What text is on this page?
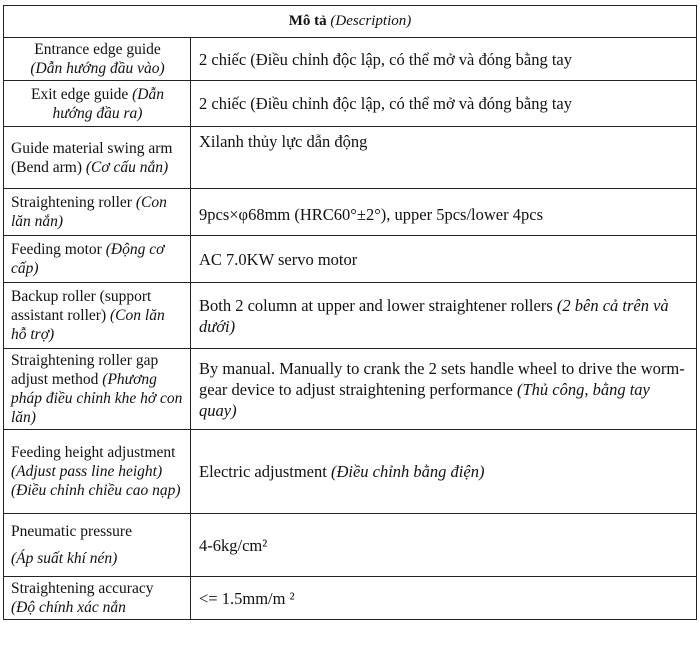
Mô tả (Description)	
Entrance edge guide
(Dẫn hướng đầu vào)	2 chiếc (Điều chỉnh độc lập, có thể mở và đóng bằng tay
Exit edge guide (Dẫn hướng đầu ra)	2 chiếc (Điều chỉnh độc lập, có thể mở và đóng bằng tay
Guide material swing arm (Bend arm) (Cơ cấu nắn)	Xilanh thủy lực dẫn động
Straightening roller (Con lăn nắn)	9pcs×φ68mm (HRC60°±2°), upper 5pcs/lower 4pcs
Feeding motor (Động cơ cấp)	AC 7.0KW servo motor
Backup roller (support assistant roller) (Con lăn hỗ trợ)	Both 2 column at upper and lower straightener rollers (2 bên cả trên và dưới)
Straightening roller gap adjust method (Phương pháp điều chỉnh khe hở con lăn)	By manual. Manually to crank the 2 sets handle wheel to drive the worm-gear device to adjust straightening performance (Thủ công, bằng tay quay)
Feeding height adjustment (Adjust pass line height) (Điều chỉnh chiều cao nạp)	Electric adjustment (Điều chỉnh bằng điện)
Pneumatic pressure
(Áp suất khí nén)	4-6kg/cm²
Straightening accuracy
(Độ chính xác nắn	<= 1.5mm/m ²
